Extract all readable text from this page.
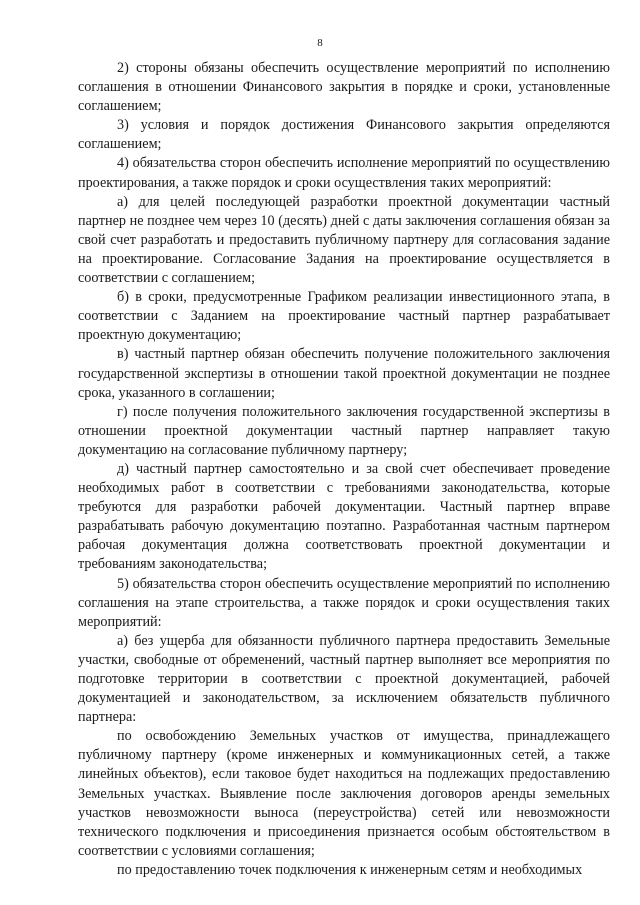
8

2) стороны обязаны обеспечить осуществление мероприятий по исполнению соглашения в отношении Финансового закрытия в порядке и сроки, установленные соглашением;

3) условия и порядок достижения Финансового закрытия определяются соглашением;

4) обязательства сторон обеспечить исполнение мероприятий по осуществлению проектирования, а также порядок и сроки осуществления таких мероприятий:

а) для целей последующей разработки проектной документации частный партнер не позднее чем через 10 (десять) дней с даты заключения соглашения обязан за свой счет разработать и предоставить публичному партнеру для согласования задание на проектирование. Согласование Задания на проектирование осуществляется в соответствии с соглашением;

б) в сроки, предусмотренные Графиком реализации инвестиционного этапа, в соответствии с Заданием на проектирование частный партнер разрабатывает проектную документацию;

в) частный партнер обязан обеспечить получение положительного заключения государственной экспертизы в отношении такой проектной документации не позднее срока, указанного в соглашении;

г) после получения положительного заключения государственной экспертизы в отношении проектной документации частный партнер направляет такую документацию на согласование публичному партнеру;

д) частный партнер самостоятельно и за свой счет обеспечивает проведение необходимых работ в соответствии с требованиями законодательства, которые требуются для разработки рабочей документации. Частный партнер вправе разрабатывать рабочую документацию поэтапно. Разработанная частным партнером рабочая документация должна соответствовать проектной документации и требованиям законодательства;

5) обязательства сторон обеспечить осуществление мероприятий по исполнению соглашения на этапе строительства, а также порядок и сроки осуществления таких мероприятий:

а) без ущерба для обязанности публичного партнера предоставить Земельные участки, свободные от обременений, частный партнер выполняет все мероприятия по подготовке территории в соответствии с проектной документацией, рабочей документацией и законодательством, за исключением обязательств публичного партнера:

по освобождению Земельных участков от имущества, принадлежащего публичному партнеру (кроме инженерных и коммуникационных сетей, а также линейных объектов), если таковое будет находиться на подлежащих предоставлению Земельных участках. Выявление после заключения договоров аренды земельных участков невозможности выноса (переустройства) сетей или невозможности технического подключения и присоединения признается особым обстоятельством в соответствии с условиями соглашения;

по предоставлению точек подключения к инженерным сетям и необходимых
